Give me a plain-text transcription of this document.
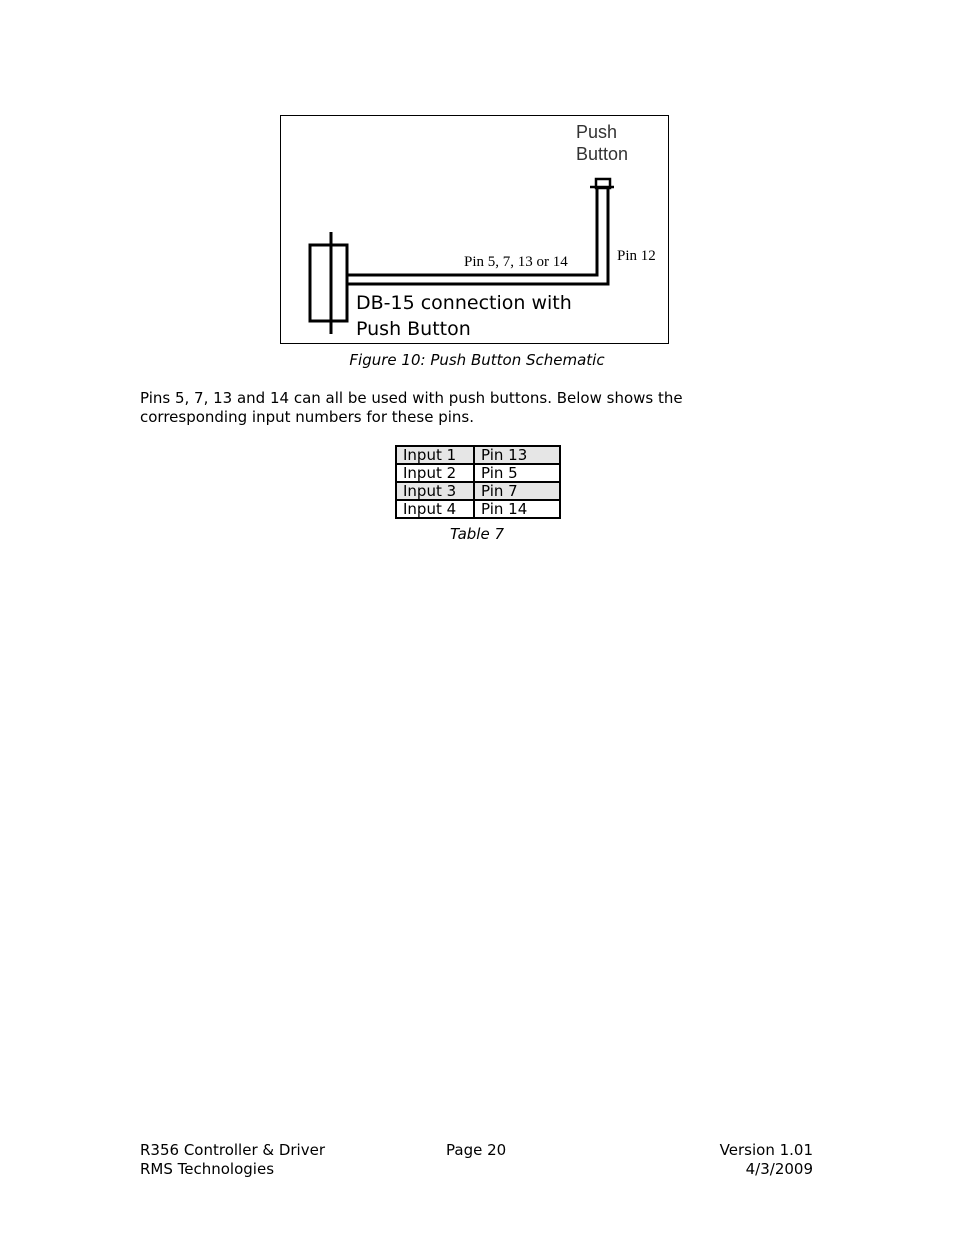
Push
Button
Pin 5, 7, 13 or 14	Pin 12
DB-15 connection with
Push Button
Figure 10: Push Button Schematic
Pins 5, 7, 13 and 14 can all be used with push buttons. Below shows the
corresponding input numbers for these pins.
Input 1	Pin 13
Input 2	Pin 5
Input 3	Pin 7
Input 4	Pin 14
Table 7
R356 Controller & Driver
RMS Technologies
Page 20	Version 1.01
4/3/2009
